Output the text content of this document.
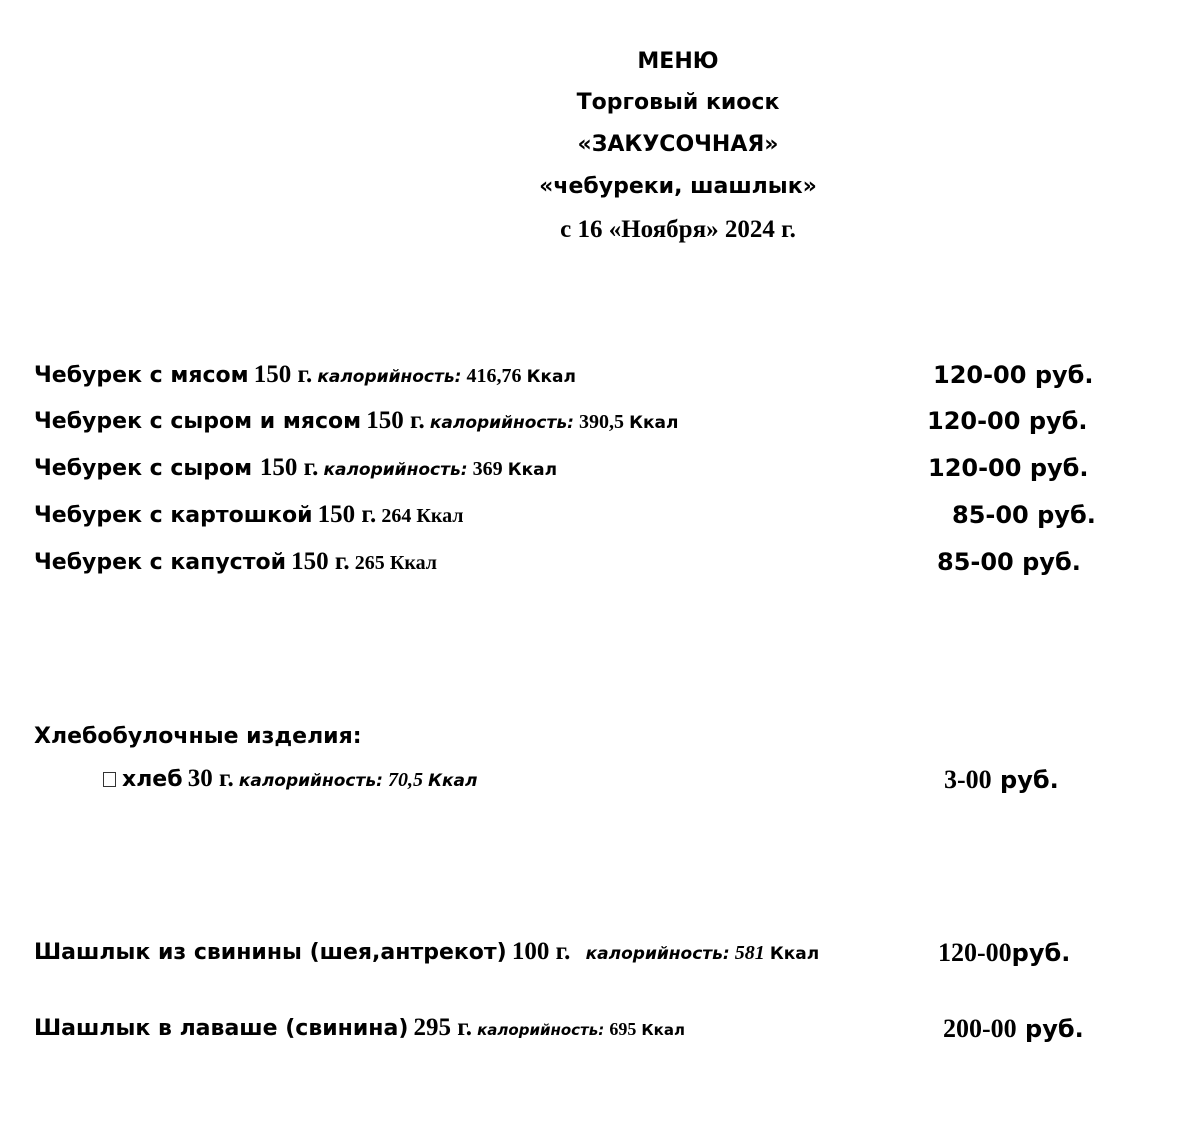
МЕНЮ
Торговый киоск
«ЗАКУСОЧНАЯ»
«чебуреки, шашлык»
с 16 «Ноября» 2024 г.
Чебурек с мясом 150 г. калорийность: 416,76 Ккал	120-00 руб.
Чебурек с сыром и мясом 150 г. калорийность: 390,5 Ккал	120-00 руб.
Чебурек с сыром 150 г. калорийность: 369 Ккал	120-00 руб.
Чебурек с картошкой 150 г. 264 Ккал	85-00 руб.
Чебурек с капустой 150 г. 265 Ккал	85-00 руб.
Хлебобулочные изделия:
хлеб 30 г. калорийность: 70,5 Ккал	3-00 руб.
Шашлык из свинины (шея,антрекот) 100 г. калорийность: 581 Ккал	120-00руб.
Шашлык в лаваше (свинина) 295 г. калорийность: 695 Ккал	200-00 руб.
